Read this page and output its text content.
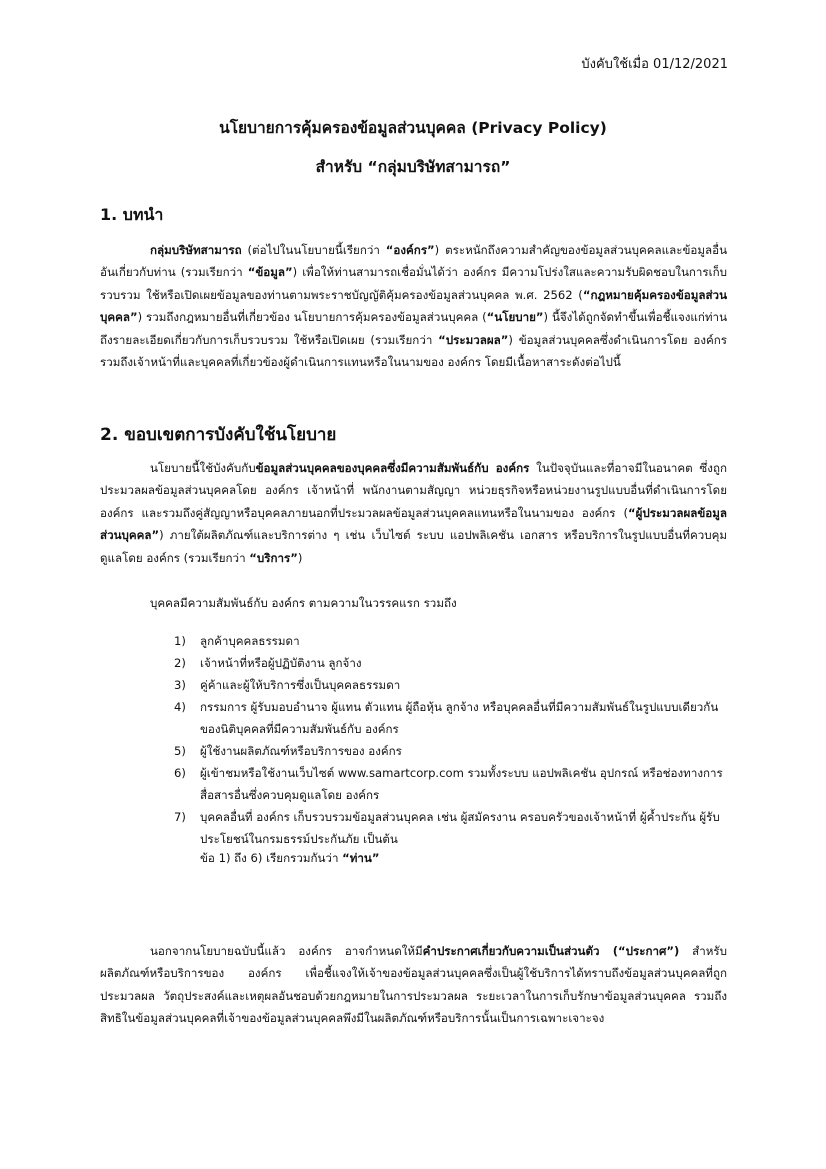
บังคับใช้เมื่อ 01/12/2021
นโยบายการคุ้มครองข้อมูลส่วนบุคคล (Privacy Policy)
สำหรับ “กลุ่มบริษัทสามารถ”
1. บทนำ
กลุ่มบริษัทสามารถ (ต่อไปในนโยบายนี้เรียกว่า “องค์กร”) ตระหนักถึงความสำคัญของข้อมูลส่วนบุคคลและข้อมูลอื่นอันเกี่ยวกับท่าน (รวมเรียกว่า “ข้อมูล”) เพื่อให้ท่านสามารถเชื่อมั่นได้ว่า องค์กร มีความโปร่งใสและความรับผิดชอบในการเก็บรวบรวม ใช้หรือเปิดเผยข้อมูลของท่านตามพระราชบัญญัติคุ้มครองข้อมูลส่วนบุคคล พ.ศ. 2562 (“กฎหมายคุ้มครองข้อมูลส่วนบุคคล”) รวมถึงกฎหมายอื่นที่เกี่ยวข้อง นโยบายการคุ้มครองข้อมูลส่วนบุคคล (“นโยบาย”) นี้จึงได้ถูกจัดทำขึ้นเพื่อชี้แจงแก่ท่านถึงรายละเอียดเกี่ยวกับการเก็บรวบรวม ใช้หรือเปิดเผย (รวมเรียกว่า “ประมวลผล”) ข้อมูลส่วนบุคคลซึ่งดำเนินการโดย องค์กร รวมถึงเจ้าหน้าที่และบุคคลที่เกี่ยวข้องผู้ดำเนินการแทนหรือในนามของ องค์กร โดยมีเนื้อหาสาระดังต่อไปนี้
2. ขอบเขตการบังคับใช้นโยบาย
นโยบายนี้ใช้บังคับกับข้อมูลส่วนบุคคลของบุคคลซึ่งมีความสัมพันธ์กับ องค์กร ในปัจจุบันและที่อาจมีในอนาคต ซึ่งถูกประมวลผลข้อมูลส่วนบุคคลโดย องค์กร เจ้าหน้าที่ พนักงานตามสัญญา หน่วยธุรกิจหรือหน่วยงานรูปแบบอื่นที่ดำเนินการโดย องค์กร และรวมถึงคู่สัญญาหรือบุคคลภายนอกที่ประมวลผลข้อมูลส่วนบุคคลแทนหรือในนามของ องค์กร (“ผู้ประมวลผลข้อมูลส่วนบุคคล”) ภายใต้ผลิตภัณฑ์และบริการต่าง ๆ เช่น เว็บไซต์ ระบบ แอปพลิเคชัน เอกสาร หรือบริการในรูปแบบอื่นที่ควบคุมดูแลโดย องค์กร (รวมเรียกว่า “บริการ”)
บุคคลมีความสัมพันธ์กับ องค์กร ตามความในวรรคแรก รวมถึง
1)	ลูกค้าบุคคลธรรมดา
2)	เจ้าหน้าที่หรือผู้ปฏิบัติงาน ลูกจ้าง
3)	คู่ค้าและผู้ให้บริการซึ่งเป็นบุคคลธรรมดา
4)	กรรมการ ผู้รับมอบอำนาจ ผู้แทน ตัวแทน ผู้ถือหุ้น ลูกจ้าง หรือบุคคลอื่นที่มีความสัมพันธ์ในรูปแบบเดียวกันของนิติบุคคลที่มีความสัมพันธ์กับ องค์กร
5)	ผู้ใช้งานผลิตภัณฑ์หรือบริการของ องค์กร
6)	ผู้เข้าชมหรือใช้งานเว็บไซต์ www.samartcorp.com รวมทั้งระบบ แอปพลิเคชัน อุปกรณ์ หรือช่องทางการสื่อสารอื่นซึ่งควบคุมดูแลโดย องค์กร
7)	บุคคลอื่นที่ องค์กร เก็บรวบรวมข้อมูลส่วนบุคคล เช่น ผู้สมัครงาน ครอบครัวของเจ้าหน้าที่ ผู้ค้ำประกัน ผู้รับประโยชน์ในกรมธรรม์ประกันภัย เป็นต้น
ข้อ 1) ถึง 6) เรียกรวมกันว่า “ท่าน”
นอกจากนโยบายฉบับนี้แล้ว องค์กร อาจกำหนดให้มีคำประกาศเกี่ยวกับความเป็นส่วนตัว (“ประกาศ”) สำหรับผลิตภัณฑ์หรือบริการของ องค์กร เพื่อชี้แจงให้เจ้าของข้อมูลส่วนบุคคลซึ่งเป็นผู้ใช้บริการได้ทราบถึงข้อมูลส่วนบุคคลที่ถูกประมวลผล วัตถุประสงค์และเหตุผลอันชอบด้วยกฎหมายในการประมวลผล ระยะเวลาในการเก็บรักษาข้อมูลส่วนบุคคล รวมถึงสิทธิในข้อมูลส่วนบุคคลที่เจ้าของข้อมูลส่วนบุคคลพึงมีในผลิตภัณฑ์หรือบริการนั้นเป็นการเฉพาะเจาะจง
